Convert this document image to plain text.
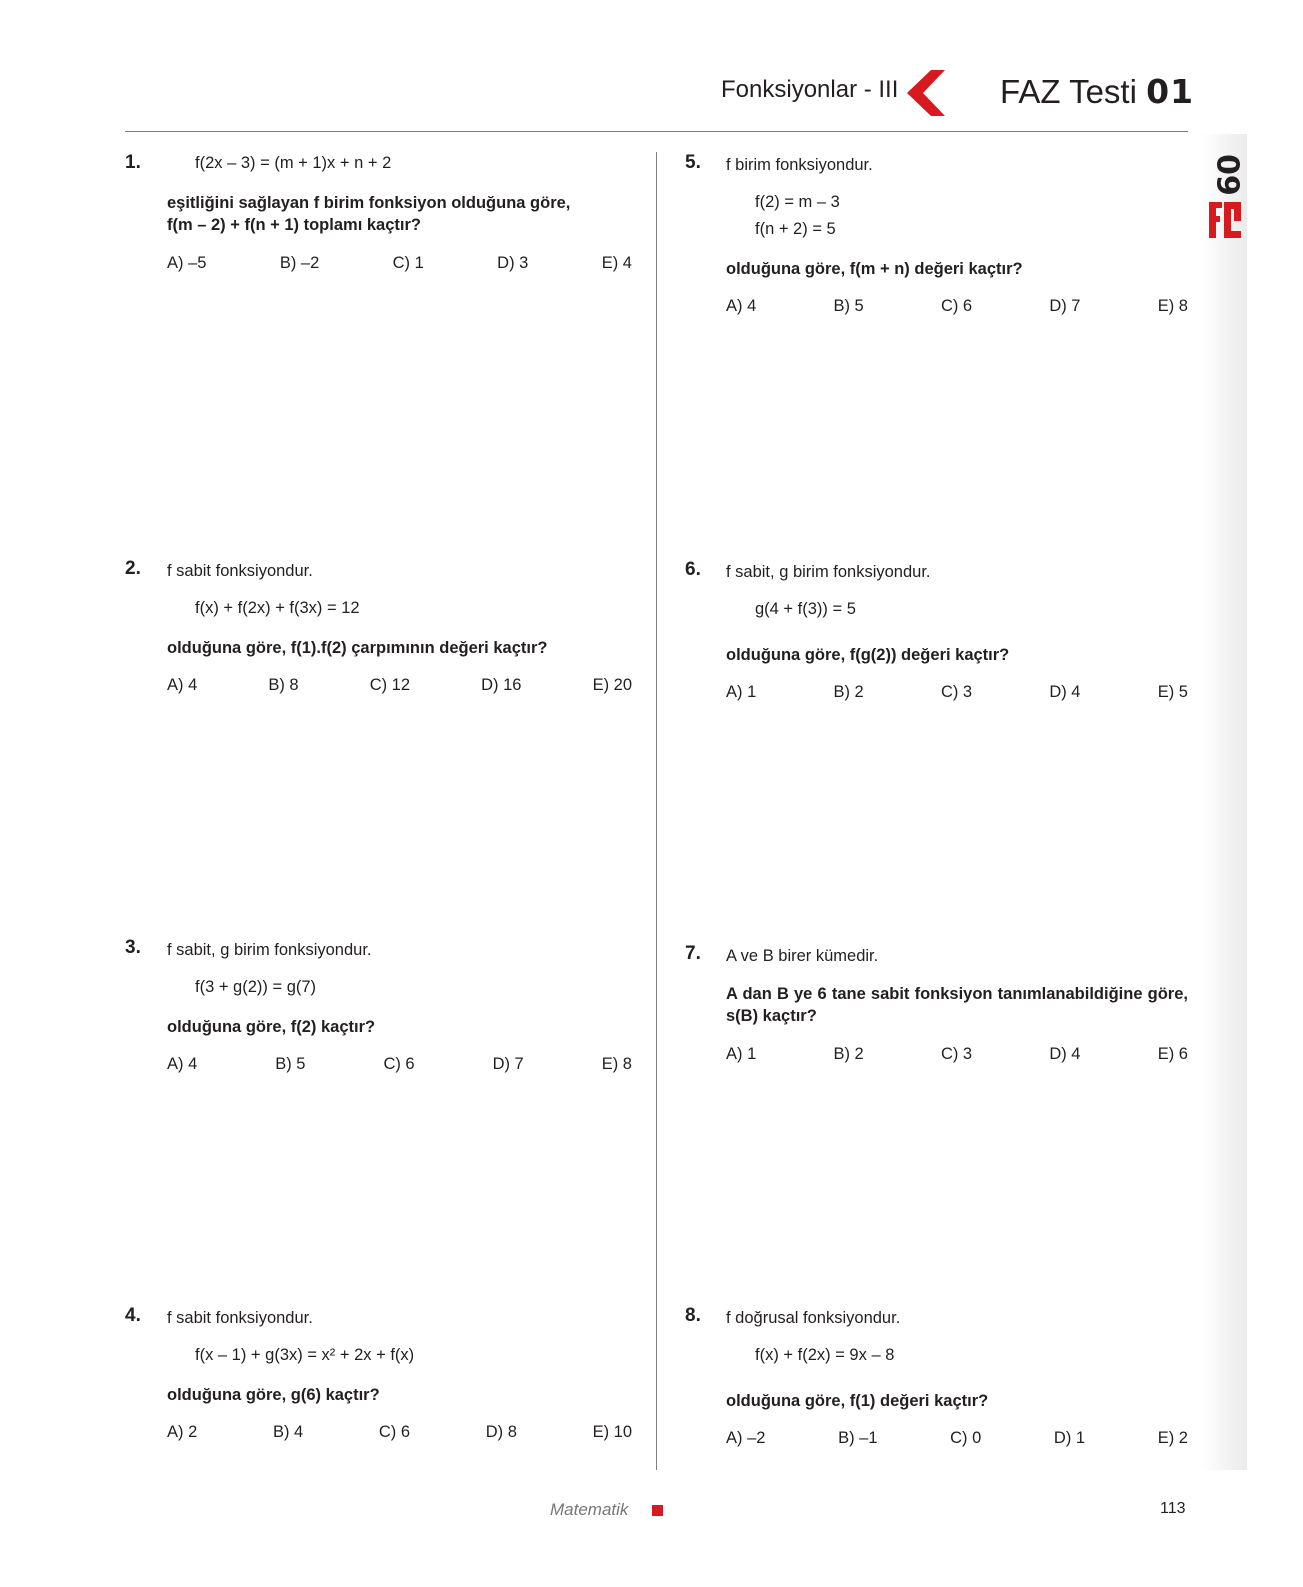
Fonksiyonlar - III	FAZ Testi 01
09
1.	f(2x – 3) = (m + 1)x + n + 2
eşitliğini sağlayan f birim fonksiyon olduğuna göre,
f(m – 2) + f(n + 1) toplamı kaçtır?
A) –5	B) –2	C) 1	D) 3	E) 4
2. f sabit fonksiyondur.
f(x) + f(2x) + f(3x) = 12
olduğuna göre, f(1).f(2) çarpımının değeri kaçtır?
A) 4	B) 8	C) 12	D) 16	E) 20
3. f sabit, g birim fonksiyondur.
f(3 + g(2)) = g(7)
olduğuna göre, f(2) kaçtır?
A) 4	B) 5	C) 6	D) 7	E) 8
4. f sabit fonksiyondur.
f(x – 1) + g(3x) = x² + 2x + f(x)
olduğuna göre, g(6) kaçtır?
A) 2	B) 4	C) 6	D) 8	E) 10
5. f birim fonksiyondur.
f(2) = m – 3
f(n + 2) = 5
olduğuna göre, f(m + n) değeri kaçtır?
A) 4	B) 5	C) 6	D) 7	E) 8
6. f sabit, g birim fonksiyondur.
g(4 + f(3)) = 5
olduğuna göre, f(g(2)) değeri kaçtır?
A) 1	B) 2	C) 3	D) 4	E) 5
7. A ve B birer kümedir.
A dan B ye 6 tane sabit fonksiyon tanımlanabildiğine göre, s(B) kaçtır?
A) 1	B) 2	C) 3	D) 4	E) 6
8. f doğrusal fonksiyondur.
f(x) + f(2x) = 9x – 8
olduğuna göre, f(1) değeri kaçtır?
A) –2	B) –1	C) 0	D) 1	E) 2
Matematik	113
